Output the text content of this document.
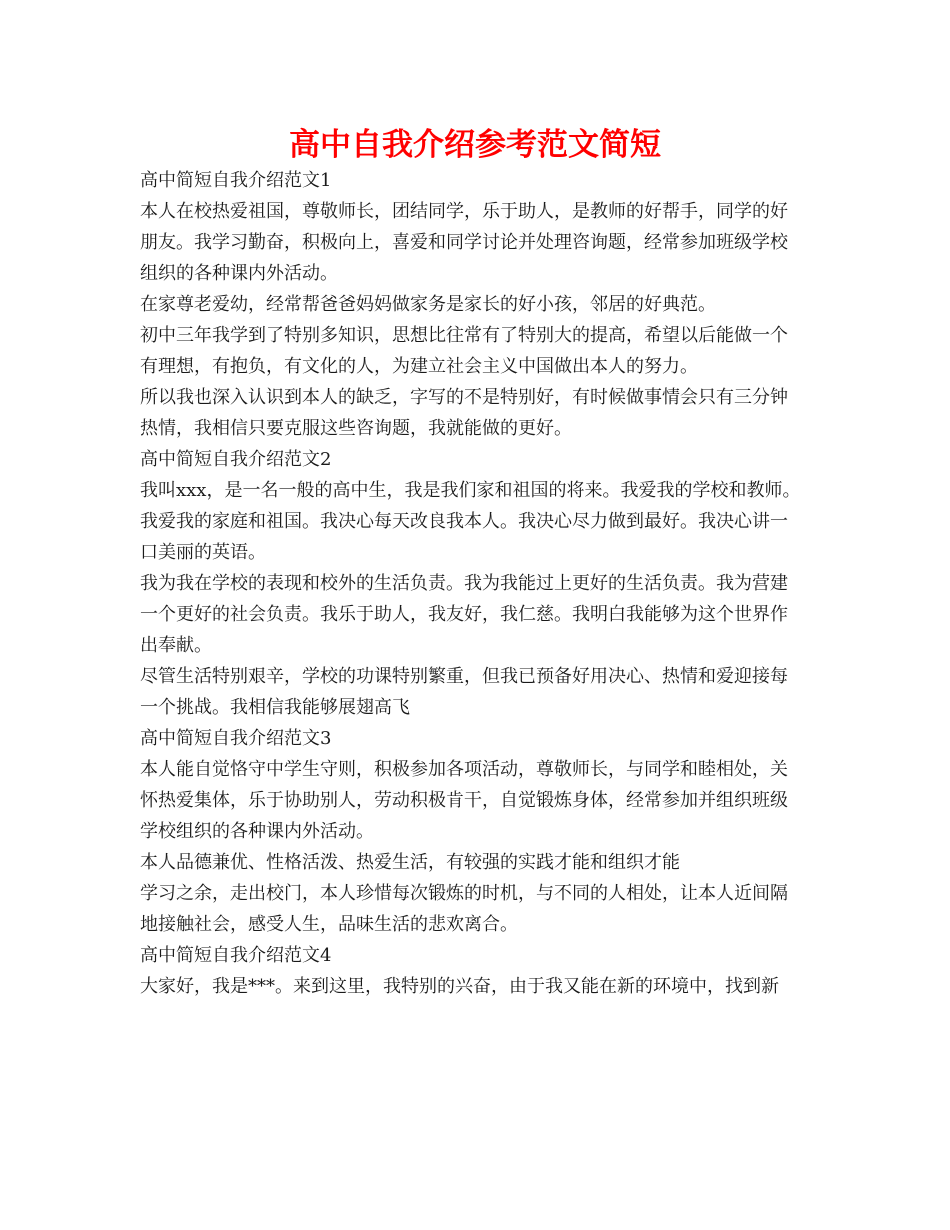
高中自我介绍参考范文简短
高中简短自我介绍范文1
本人在校热爱祖国，尊敬师长，团结同学，乐于助人，是教师的好帮手，同学的好
朋友。我学习勤奋，积极向上，喜爱和同学讨论并处理咨询题，经常参加班级学校
组织的各种课内外活动。
在家尊老爱幼，经常帮爸爸妈妈做家务是家长的好小孩，邻居的好典范。
初中三年我学到了特别多知识，思想比往常有了特别大的提高，希望以后能做一个
有理想，有抱负，有文化的人，为建立社会主义中国做出本人的努力。
所以我也深入认识到本人的缺乏，字写的不是特别好，有时候做事情会只有三分钟
热情，我相信只要克服这些咨询题，我就能做的更好。
高中简短自我介绍范文2
我叫xxx，是一名一般的高中生，我是我们家和祖国的将来。我爱我的学校和教师。
我爱我的家庭和祖国。我决心每天改良我本人。我决心尽力做到最好。我决心讲一
口美丽的英语。
我为我在学校的表现和校外的生活负责。我为我能过上更好的生活负责。我为营建
一个更好的社会负责。我乐于助人，我友好，我仁慈。我明白我能够为这个世界作
出奉献。
尽管生活特别艰辛，学校的功课特别繁重，但我已预备好用决心、热情和爱迎接每
一个挑战。我相信我能够展翅高飞
高中简短自我介绍范文3
本人能自觉恪守中学生守则，积极参加各项活动，尊敬师长，与同学和睦相处，关
怀热爱集体，乐于协助别人，劳动积极肯干，自觉锻炼身体，经常参加并组织班级
学校组织的各种课内外活动。
本人品德兼优、性格活泼、热爱生活，有较强的实践才能和组织才能
学习之余，走出校门，本人珍惜每次锻炼的时机，与不同的人相处，让本人近间隔
地接触社会，感受人生，品味生活的悲欢离合。
高中简短自我介绍范文4
大家好，我是***。来到这里，我特别的兴奋，由于我又能在新的环境中，找到新
